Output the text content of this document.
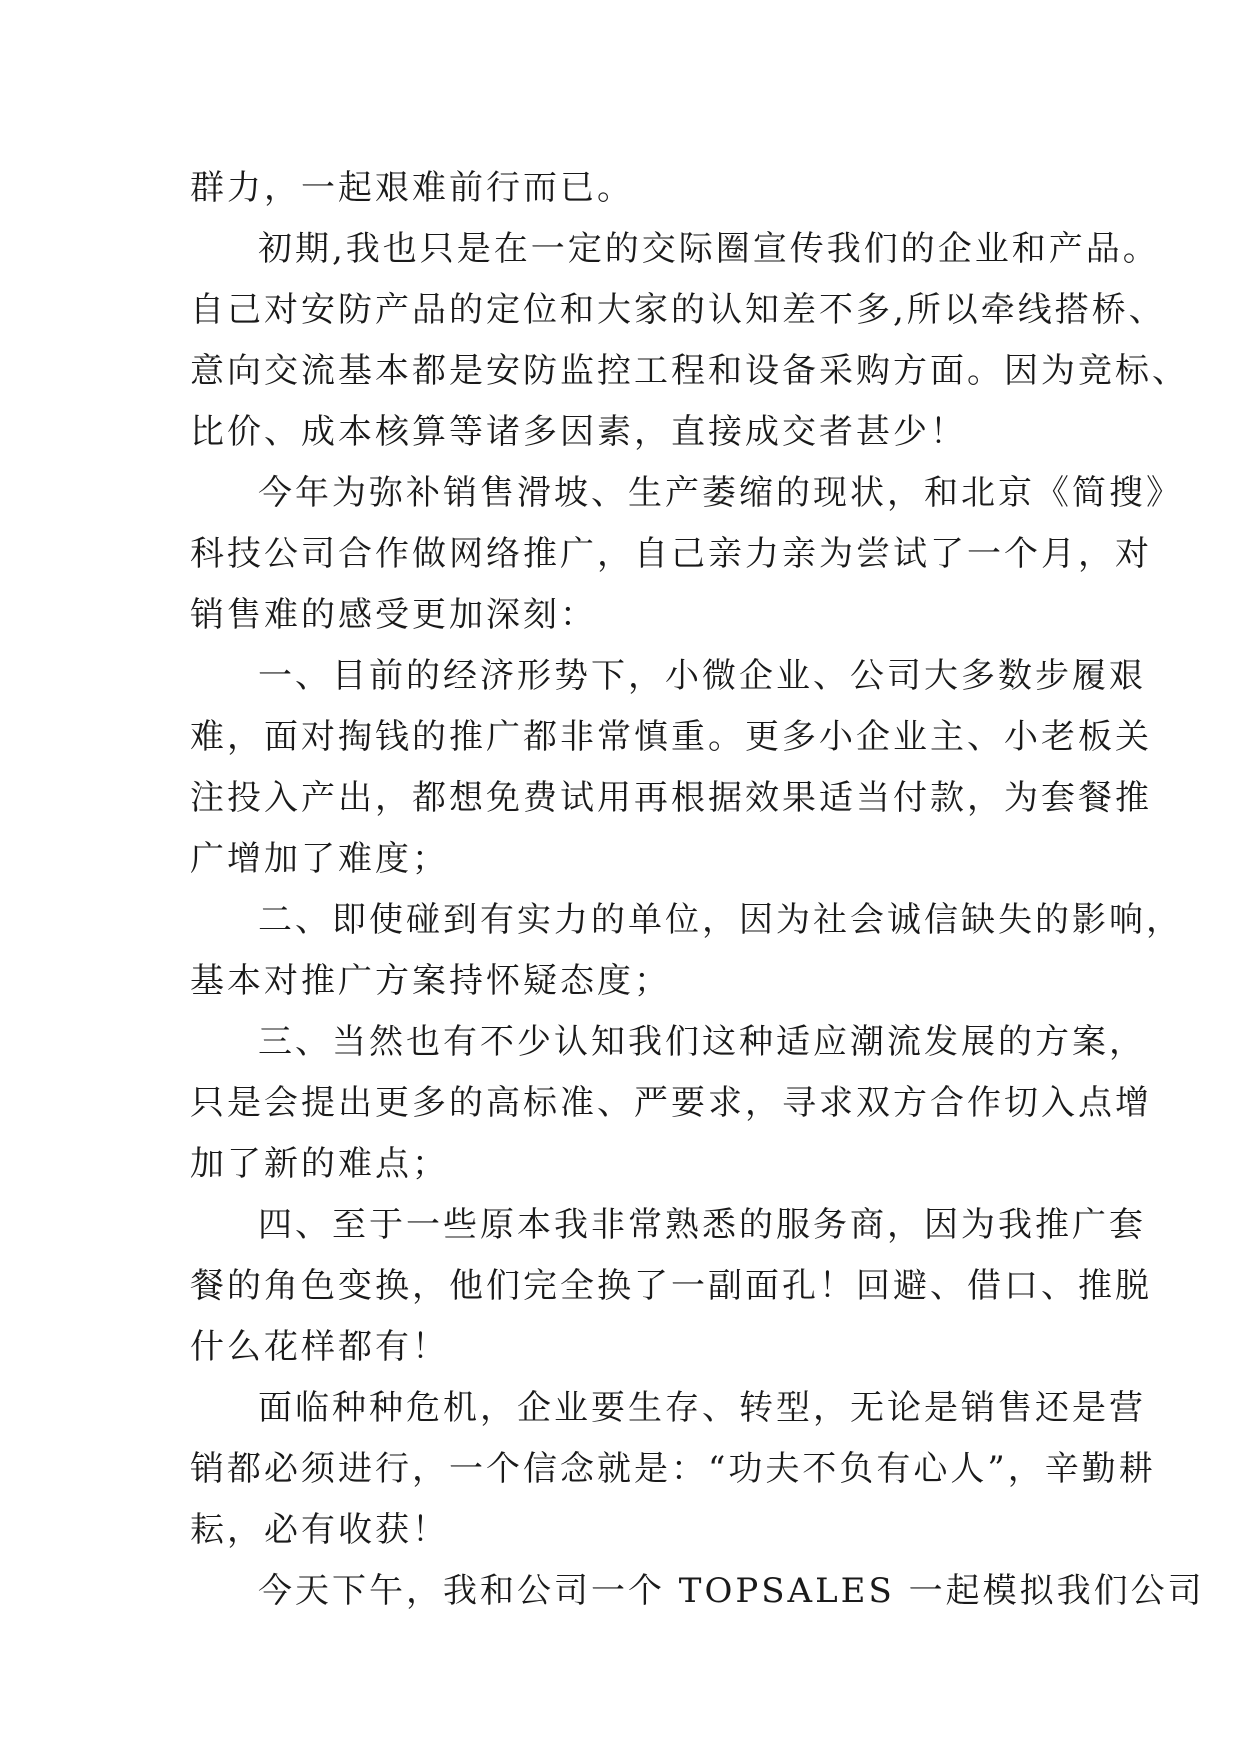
群力，一起艰难前行而已。
初期,我也只是在一定的交际圈宣传我们的企业和产品。
自己对安防产品的定位和大家的认知差不多,所以牵线搭桥、
意向交流基本都是安防监控工程和设备采购方面。因为竞标、
比价、成本核算等诸多因素，直接成交者甚少！
今年为弥补销售滑坡、生产萎缩的现状，和北京《简搜》
科技公司合作做网络推广，自己亲力亲为尝试了一个月，对
销售难的感受更加深刻：
一、目前的经济形势下，小微企业、公司大多数步履艰
难，面对掏钱的推广都非常慎重。更多小企业主、小老板关
注投入产出，都想免费试用再根据效果适当付款，为套餐推
广增加了难度；
二、即使碰到有实力的单位，因为社会诚信缺失的影响，
基本对推广方案持怀疑态度；
三、当然也有不少认知我们这种适应潮流发展的方案，
只是会提出更多的高标准、严要求，寻求双方合作切入点增
加了新的难点；
四、至于一些原本我非常熟悉的服务商，因为我推广套
餐的角色变换，他们完全换了一副面孔！回避、借口、推脱
什么花样都有！
面临种种危机，企业要生存、转型，无论是销售还是营
销都必须进行，一个信念就是：“功夫不负有心人”，辛勤耕
耘，必有收获！
今天下午，我和公司一个 TOPSALES 一起模拟我们公司
